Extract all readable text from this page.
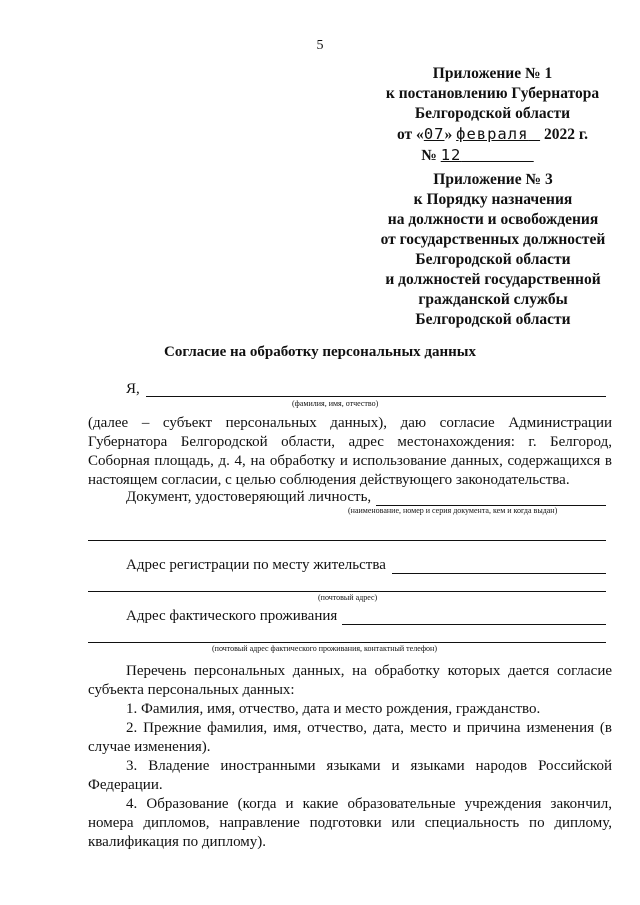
5
Приложение № 1
к постановлению Губернатора
Белгородской области
от «07» февраля 2022 г.
№ 12
Приложение № 3
к Порядку назначения
на должности и освобождения
от государственных должностей
Белгородской области
и должностей государственной
гражданской службы
Белгородской области
Согласие на обработку персональных данных
Я,
(фамилия, имя, отчество)

(далее – субъект персональных данных), даю согласие Администрации Губернатора Белгородской области, адрес местонахождения: г. Белгород, Соборная площадь, д. 4, на обработку и использование данных, содержащихся в настоящем согласии, с целью соблюдения действующего законодательства.

Документ, удостоверяющий личность,
(наименование, номер и серия документа, кем и когда выдан)
Адрес регистрации по месту жительства
(почтовый адрес)
Адрес фактического проживания
(почтовый адрес фактического проживания, контактный телефон)

Перечень персональных данных, на обработку которых дается согласие субъекта персональных данных:

1. Фамилия, имя, отчество, дата и место рождения, гражданство.

2. Прежние фамилия, имя, отчество, дата, место и причина изменения (в случае изменения).

3. Владение иностранными языками и языками народов Российской Федерации.

4. Образование (когда и какие образовательные учреждения закончил, номера дипломов, направление подготовки или специальность по диплому, квалификация по диплому).
